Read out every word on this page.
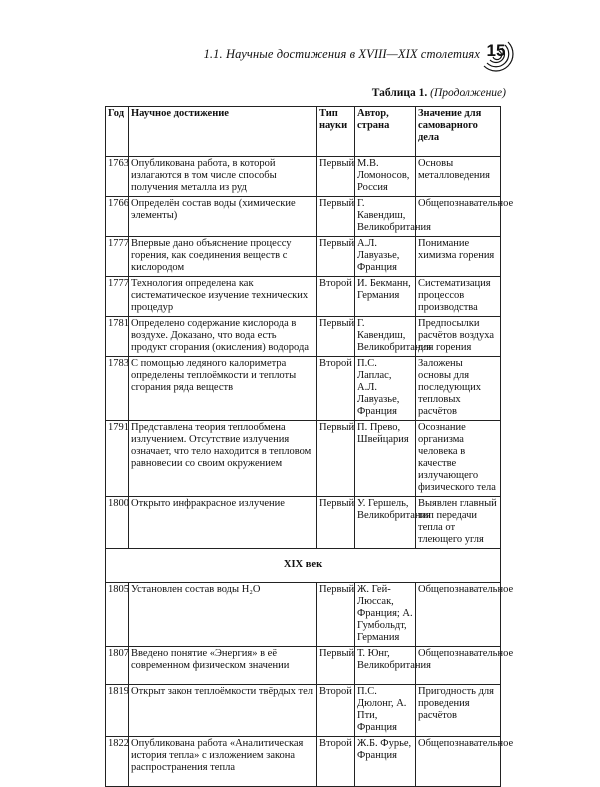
1.1. Научные достижения в XVIII—XIX столетиях 15
Таблица 1. (Продолжение)
Год	Научное достижение	Тип науки	Автор, страна	Значение для самоварного дела
1763	Опубликована работа, в которой излагаются в том числе способы получения металла из руд	Первый	М.В. Ломоносов, Россия	Основы металловедения
1766	Определён состав воды (химические элементы)	Первый	Г. Кавендиш, Великобритания	Общепознавательное
1777	Впервые дано объяснение процессу горения, как соединения веществ с кислородом	Первый	А.Л. Лавуазье, Франция	Понимание химизма горения
1777	Технология определена как систематическое изучение технических процедур	Второй	И. Бекманн, Германия	Систематизация процессов производства
1781	Определено содержание кислорода в воздухе. Доказано, что вода есть продукт сгорания (окисления) водорода	Первый	Г. Кавендиш, Великобритания	Предпосылки расчётов воздуха для горения
1783	С помощью ледяного калориметра определены теплоёмкости и теплоты сгорания ряда веществ	Второй	П.С. Лаплас, А.Л. Лавуазье, Франция	Заложены основы для последующих тепловых расчётов
1791	Представлена теория теплообмена излучением. Отсутствие излучения означает, что тело находится в тепловом равновесии со своим окружением	Первый	П. Прево, Швейцария	Осознание организма человека в качестве излучающего физического тела
1800	Открыто инфракрасное излучение	Первый	У. Гершель, Великобритания	Выявлен главный тип передачи тепла от тлеющего угля
XIX век				
1805	Установлен состав воды H₂O	Первый	Ж. Гей-Люссак, Франция; А. Гумбольдт, Германия	Общепознавательное
1807	Введено понятие «Энергия» в её современном физическом значении	Первый	Т. Юнг, Великобритания	Общепознавательное
1819	Открыт закон теплоёмкости твёрдых тел	Второй	П.С. Дюлонг, А. Пти, Франция	Пригодность для проведения расчётов
1822	Опубликована работа «Аналитическая история тепла» с изложением закона распространения тепла	Второй	Ж.Б. Фурье, Франция	Общепознавательное
